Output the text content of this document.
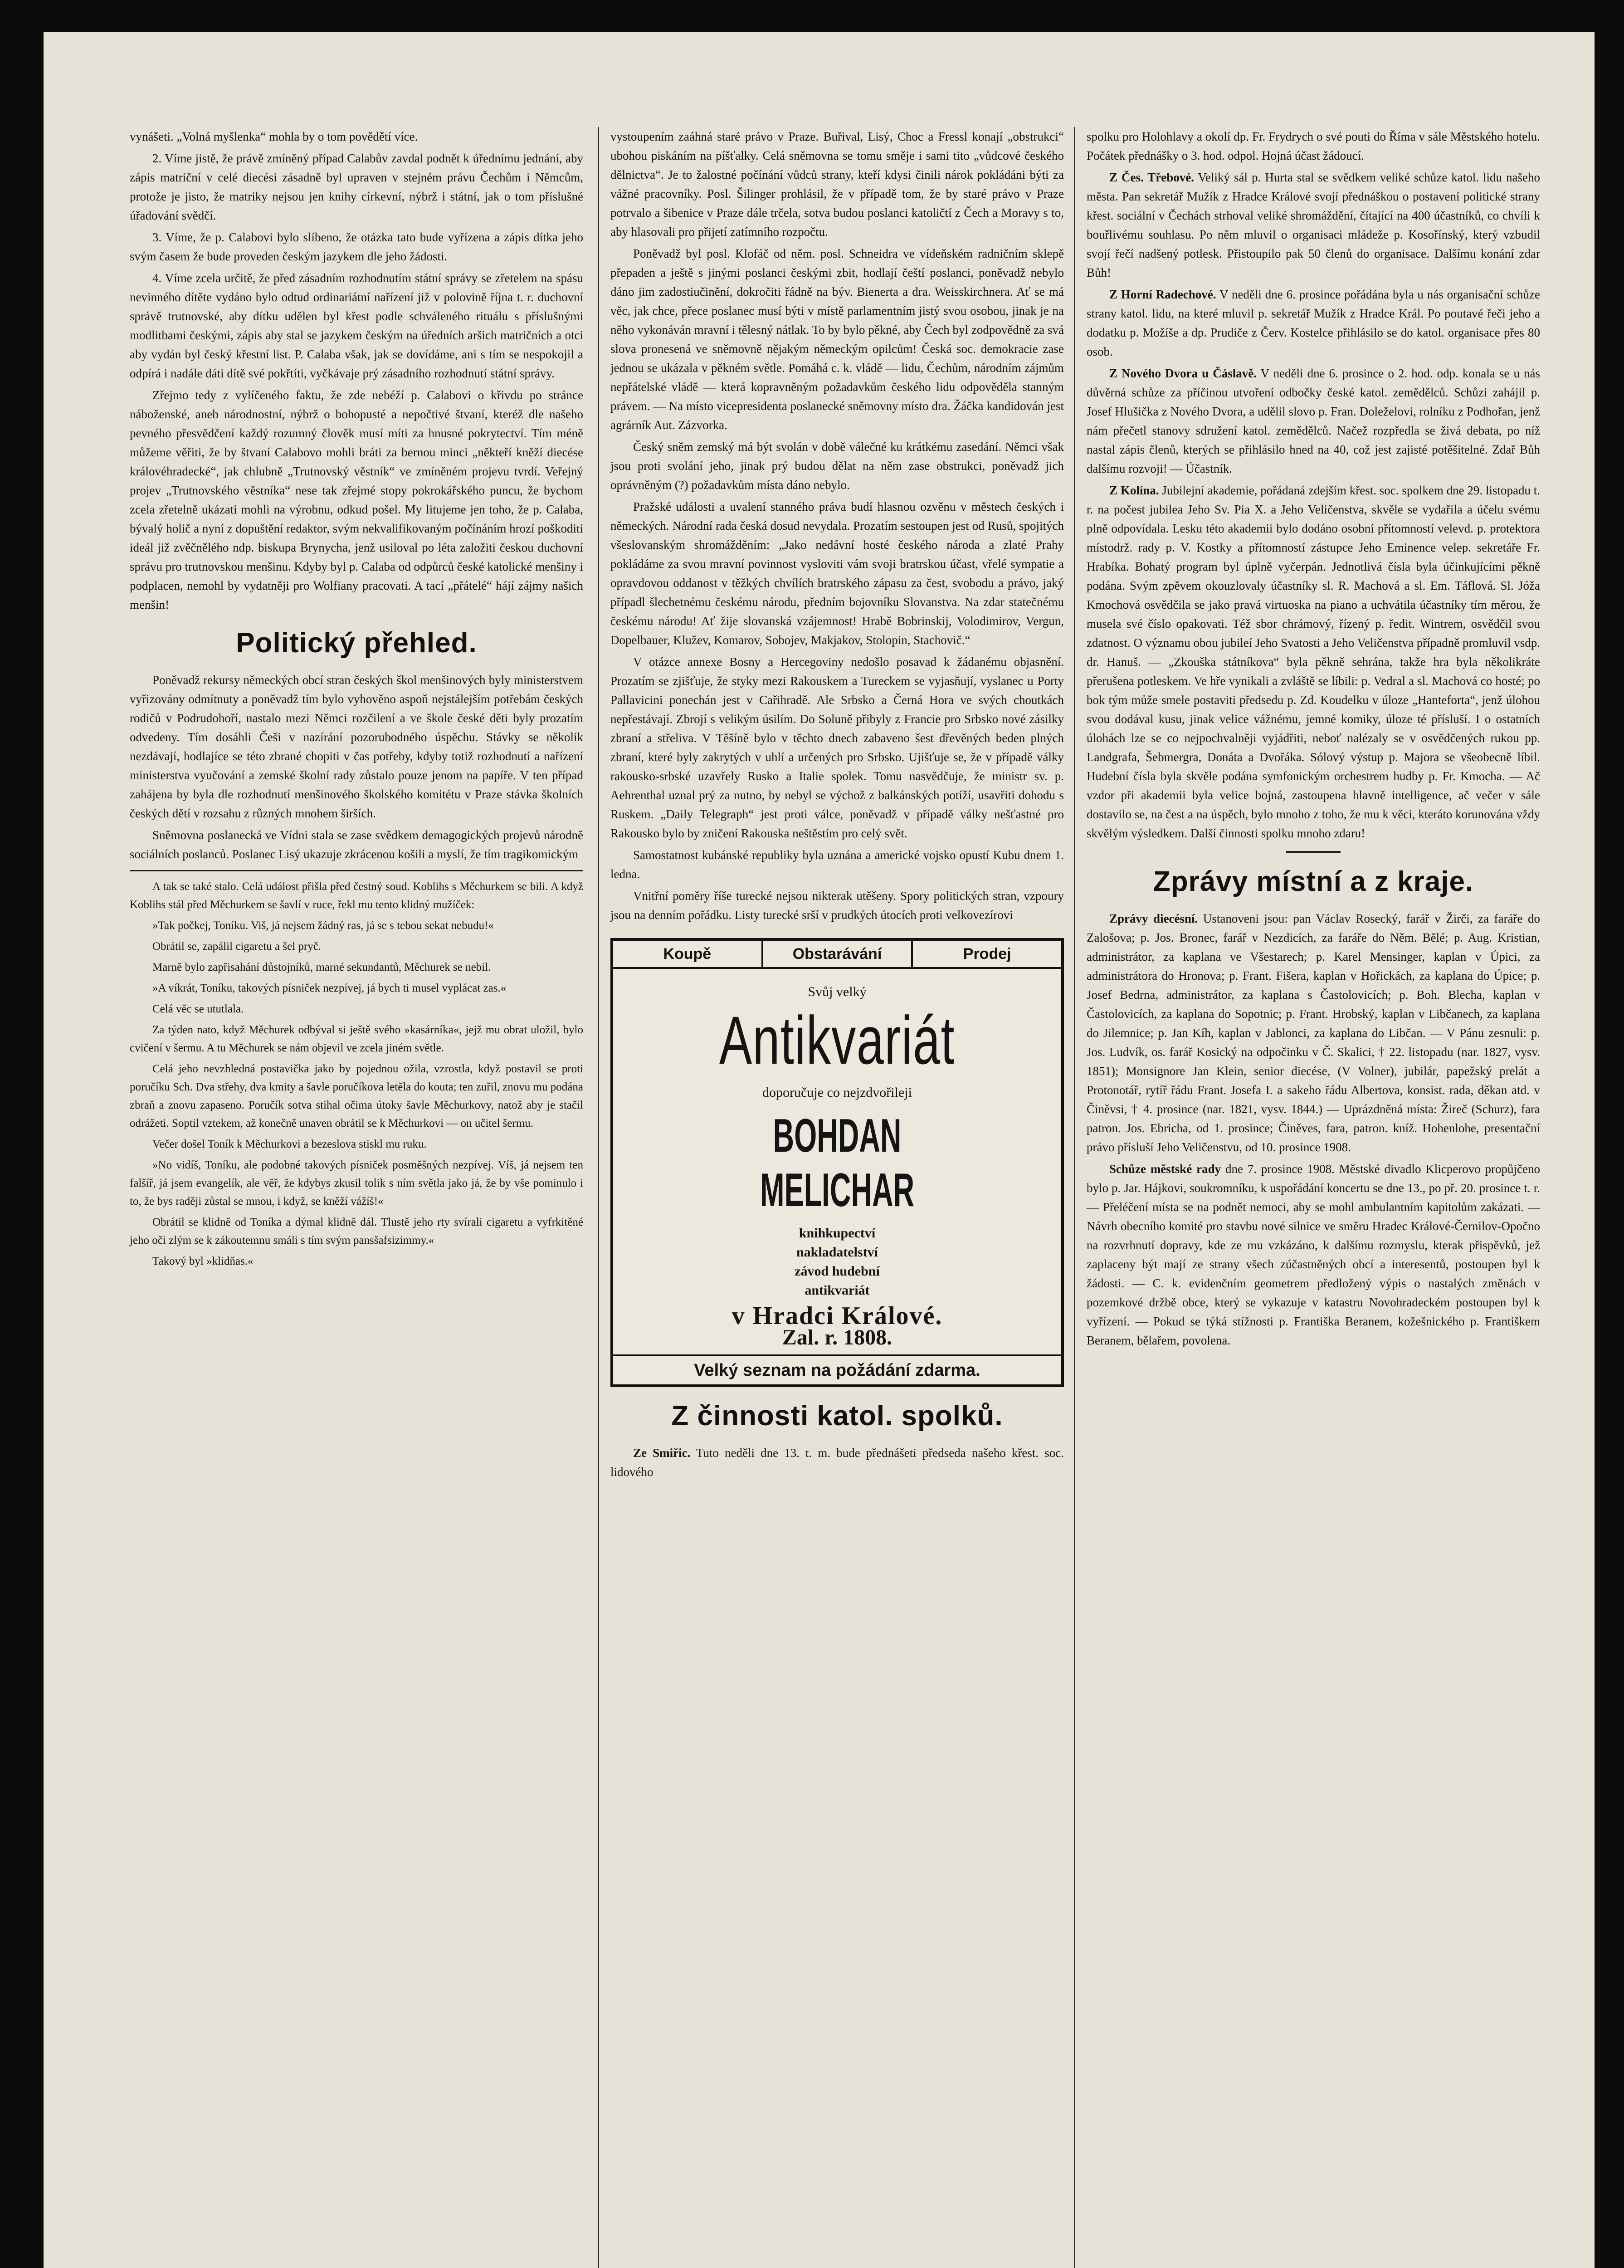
vynášeti. „Volná myšlenka“ mohla by o tom povědětí více.

2. Víme jistě, že právě zmíněný případ Calabův zavdal podnět k úřednímu jednání, aby zápis matriční v celé diecési zásadně byl upraven v stejném právu Čechům i Němcům, protože je jisto, že matriky nejsou jen knihy církevní, nýbrž i státní, jak o tom příslušné úřadování svědčí.

3. Víme, že p. Calabovi bylo slíbeno, že otázka tato bude vyřízena a zápis dítka jeho svým časem že bude proveden českým jazykem dle jeho žádosti.

4. Víme zcela určitě, že před zásadním rozhodnutím státní správy se zřetelem na spásu nevinného dítěte vydáno bylo odtud ordinariátní nařízení již v polovině října t. r. duchovní správě trutnovské, aby dítku udělen byl křest podle schváleného rituálu s příslušnými modlitbami českými, zápis aby stal se jazykem českým na úředních aršich matričních a otci aby vydán byl český křestní list. P. Calaba však, jak se dovídáme, ani s tím se nespokojil a odpírá i nadále dáti dítě své pokřtíti, vyčkávaje prý zásadního rozhodnutí státní správy.

Zřejmo tedy z vylíčeného faktu, že zde nebéží p. Calabovi o křivdu po stránce náboženské, aneb národnostní, nýbrž o bohopusté a nepočtivé štvaní, kteréž dle našeho pevného přesvědčení každý rozumný člověk musí míti za hnusné pokrytectví. Tím méně můžeme věřiti, že by štvaní Calabovo mohli bráti za bernou minci „někteří kněží diecése královéhradecké“, jak chlubně „Trutnovský věstník“ ve zmíněném projevu tvrdí. Veřejný projev „Trutnovského věstníka“ nese tak zřejmé stopy pokrokářského puncu, že bychom zcela zřetelně ukázati mohli na výrobnu, odkud pošel. My litujeme jen toho, že p. Calaba, bývalý holič a nyní z dopuštění redaktor, svým nekvalifikovaným počínáním hrozí poškoditi ideál již zvěčnělého ndp. biskupa Brynycha, jenž usiloval po léta založiti českou duchovní správu pro trutnovskou menšinu. Kdyby byl p. Calaba od odpůrců české katolické menšiny i podplacen, nemohl by vydatněji pro Wolfiany pracovati. A tací „přátelé“ hájí zájmy našich menšin!

Politický přehled.

Poněvadž rekursy německých obcí stran českých škol menšinových byly ministerstvem vyřizovány odmítnuty a poněvadž tím bylo vyhověno aspoň nejstálejším potřebám českých rodičů v Podrudohoří, nastalo mezi Němci rozčilení a ve škole české děti byly prozatím odvedeny. Tím dosáhli Češi v nazírání pozorubodného úspěchu. Stávky se několik nezdávají, hodlajíce se této zbrané chopiti v čas potřeby, kdyby totiž rozhodnutí a nařízení ministerstva vyučování a zemské školní rady zůstalo pouze jenom na papíře. V ten případ zahájena by byla dle rozhodnutí menšinového školského komitétu v Praze stávka školních českých dětí v rozsahu z různých mnohem širších.

Sněmovna poslanecká ve Vídni stala se zase svědkem demagogických projevů národně sociálních poslanců. Poslanec Lisý ukazuje zkrácenou košili a myslí, že tím tragikomickým

A tak se také stalo. Celá událost přišla před čestný soud. Koblihs s Měchurkem se bili. A když Koblihs stál před Měchurkem se šavlí v ruce, řekl mu tento klidný mužíček:

»Tak počkej, Toníku. Viš, já nejsem žádný ras, já se s tebou sekat nebudu!«

Obrátil se, zapálil cigaretu a šel pryč.

Marně bylo zapřisahání důstojníků, marné sekundantů, Měchurek se nebil.

»A víkrát, Toníku, takových písniček nezpívej, já bych ti musel vyplácat zas.«

Celá věc se ututlala.

Za týden nato, když Měchurek odbýval si ještě svého »kasárníka«, jejž mu obrat uložil, bylo cvičení v šermu. A tu Měchurek se nám objevil ve zcela jiném světle.

Celá jeho nevzhledná postavička jako by pojednou ožila, vzrostla, když postavil se proti poručíku Sch. Dva střehy, dva kmity a šavle poručíkova letěla do kouta; ten zuřil, znovu mu podána zbraň a znovu zapaseno. Poručík sotva stihal očima útoky šavle Měchurkovy, natož aby je stačil odrážeti. Soptil vztekem, až konečně unaven obrátil se k Měchurkovi — on učitel šermu.

Večer došel Toník k Měchurkovi a bezeslova stiskl mu ruku.

»No vidíš, Toníku, ale podobné takových písniček posměšných nezpívej. Víš, já nejsem ten falšíř, já jsem evangelík, ale věř, že kdybys zkusil tolik s ním světla jako já, že by vše pominulo i to, že bys raději zůstal se mnou, i když, se kněží vážíš!«

Obrátil se klidně od Toníka a dýmal klidně dál. Tlustě jeho rty svírali cigaretu a vyfrkitěné jeho oči zlým se k zákoutemnu smáli s tím svým pansšafsizimmy.«

Takový byl »klidňas.«

vystoupením zaáhná staré právo v Praze. Buřival, Lisý, Choc a Fressl konají „obstrukci“ ubohou piskáním na píšťalky. Celá sněmovna se tomu směje i sami tito „vůdcové českého dělnictva“. Je to žalostné počínání vůdců strany, kteří kdysi činili nárok pokládáni býti za vážné pracovníky. Posl. Šilinger prohlásil, že v případě tom, že by staré právo v Praze potrvalo a šibenice v Praze dále trčela, sotva budou poslanci katoličtí z Čech a Moravy s to, aby hlasovali pro přijetí zatímního rozpočtu.

Poněvadž byl posl. Klofáč od něm. posl. Schneidra ve vídeňském radničním sklepě přepaden a ještě s jinými poslanci českými zbit, hodlají čeští poslanci, poněvadž nebylo dáno jim zadostiučinění, dokročiti řádně na býv. Bienerta a dra. Weisskirchnera. Ať se má věc, jak chce, přece poslanec musí býti v místě parlamentním jistý svou osobou, jinak je na něho vykonáván mravní i tělesný nátlak. To by bylo pěkné, aby Čech byl zodpovědně za svá slova pronesená ve sněmovně nějakým německým opilcům! Česká soc. demokracie zase jednou se ukázala v pěkném světle. Pomáhá c. k. vládě — lidu, Čechům, národním zájmům nepřátelské vládě — která kopravněným požadavkům českého lidu odpověděla stanným právem. — Na místo vicepresidenta poslanecké sněmovny místo dra. Žáčka kandidován jest agrárník Aut. Zázvorka.

Český sněm zemský má být svolán v době válečné ku krátkému zasedání. Němci však jsou proti svolání jeho, jinak prý budou dělat na něm zase obstrukci, poněvadž jich oprávněným (?) požadavkům místa dáno nebylo.

Pražské události a uvalení stanného práva budí hlasnou ozvěnu v městech českých i německých. Národní rada česká dosud nevydala. Prozatím sestoupen jest od Rusů, spojitých všeslovanským shromážděním: „Jako nedávní hosté českého národa a zlaté Prahy pokládáme za svou mravní povinnost vysloviti vám svoji bratrskou účast, vřelé sympatie a opravdovou oddanost v těžkých chvílích bratrského zápasu za čest, svobodu a právo, jaký případl šlechetnému českému národu, předním bojovníku Slovanstva. Na zdar statečnému českému národu! Ať žije slovanská vzájemnost! Hrabě Bobrinskij, Volodimirov, Vergun, Dopelbauer, Klužev, Komarov, Sobojev, Makjakov, Stolopin, Stachovič.“

V otázce annexe Bosny a Hercegoviny nedošlo posavad k žádanému objasnění. Prozatím se zjišťuje, že styky mezi Rakouskem a Tureckem se vyjasňují, vyslanec u Porty Pallavicini ponechán jest v Cařihradě. Ale Srbsko a Černá Hora ve svých choutkách nepřestávají. Zbrojí s velikým úsilím. Do Soluně přibyly z Francie pro Srbsko nové zásilky zbraní a střeliva. V Těšíně bylo v těchto dnech zabaveno šest dřevěných beden plných zbraní, které byly zakrytých v uhlí a určených pro Srbsko. Ujišťuje se, že v případě války rakousko-srbské uzavřely Rusko a Italie spolek. Tomu nasvědčuje, že ministr sv. p. Aehrenthal uznal prý za nutno, by nebyl se výchož z balkánských potíží, usavřiti dohodu s Ruskem. „Daily Telegraph“ jest proti válce, poněvadž v případě války nešťastné pro Rakousko bylo by zničení Rakouska neštěstím pro celý svět.

Samostatnost kubánské republiky byla uznána a americké vojsko opustí Kubu dnem 1. ledna.

Vnitřní poměry říše turecké nejsou nikterak utěšeny. Spory politických stran, vzpoury jsou na denním pořádku. Listy turecké srší v prudkých útocích proti velkovezírovi

Koupě	Obstarávání	Prodej
Svůj velký
Antikvariát
doporučuje co nejzdvořileji
BOHDAN MELICHAR
knihkupectví
nakladatelství
závod hudební
antikvariát
v Hradci Králové.
Zal. r. 1808.
Velký seznam na požádání zdarma.
Z činnosti katol. spolků.

Ze Smiřic. Tuto neděli dne 13. t. m. bude přednášeti předseda našeho křest. soc. lidového

spolku pro Holohlavy a okolí dp. Fr. Frydrych o své pouti do Říma v sále Městského hotelu. Počátek přednášky o 3. hod. odpol. Hojná účast žádoucí.

Z Čes. Třebové. Veliký sál p. Hurta stal se svědkem veliké schůze katol. lidu našeho města. Pan sekretář Mužík z Hradce Králové svojí přednáškou o postavení politické strany křest. sociální v Čechách strhoval veliké shromáždění, čítající na 400 účastníků, co chvíli k bouřlivému souhlasu. Po něm mluvil o organisaci mládeže p. Kosořínský, který vzbudil svojí řečí nadšený potlesk. Přistoupilo pak 50 členů do organisace. Dalšímu konání zdar Bůh!

Z Horní Radechové. V neděli dne 6. prosince pořádána byla u nás organisační schůze strany katol. lidu, na které mluvil p. sekretář Mužík z Hradce Král. Po poutavé řeči jeho a dodatku p. Možíše a dp. Prudiče z Červ. Kostelce přihlásilo se do katol. organisace přes 80 osob.

Z Nového Dvora u Čáslavě. V neděli dne 6. prosince o 2. hod. odp. konala se u nás důvěrná schůze za příčinou utvoření odbočky české katol. zemědělců. Schůzi zahájil p. Josef Hlušička z Nového Dvora, a udělil slovo p. Fran. Doleželovi, rolníku z Podhořan, jenž nám přečetl stanovy sdružení katol. zemědělců. Načež rozpředla se živá debata, po níž nastal zápis členů, kterých se přihlásilo hned na 40, což jest zajisté potěšitelné. Zdař Bůh dalšímu rozvoji! — Účastník.

Z Kolína. Jubilejní akademie, pořádaná zdejším křest. soc. spolkem dne 29. listopadu t. r. na počest jubilea Jeho Sv. Pia X. a Jeho Veličenstva, skvěle se vydařila a účelu svému plně odpovídala. Lesku této akademii bylo dodáno osobní přítomností velevd. p. protektora místodrž. rady p. V. Kostky a přítomností zástupce Jeho Eminence velep. sekretáře Fr. Hrabíka. Bohatý program byl úplně vyčerpán. Jednotlivá čísla byla účinkujícími pěkně podána. Svým zpěvem okouzlovaly účastníky sl. R. Machová a sl. Em. Táflová. Sl. Jóža Kmochová osvědčila se jako pravá virtuoska na piano a uchvátila účastníky tím měrou, že musela své číslo opakovati. Též sbor chrámový, řízený p. ředit. Wintrem, osvědčil svou zdatnost. O významu obou jubileí Jeho Svatosti a Jeho Veličenstva případně promluvil vsdp. dr. Hanuš. — „Zkouška státníkova“ byla pěkně sehrána, takže hra byla několikráte přerušena potleskem. Ve hře vynikali a zvláště se líbili: p. Vedral a sl. Machová co hosté; po bok tým může smele postaviti předsedu p. Zd. Koudelku v úloze „Hanteforta“, jenž úlohou svou dodával kusu, jinak velice vážnému, jemné komiky, úloze té přísluší. I o ostatních úlohách lze se co nejpochvalněji vyjádřiti, neboť nalézaly se v osvědčených rukou pp. Landgrafa, Šebmergra, Donáta a Dvořáka. Sólový výstup p. Majora se všeobecně líbil. Hudební čísla byla skvěle podána symfonickým orchestrem hudby p. Fr. Kmocha. — Ač vzdor při akademii byla velice bojná, zastoupena hlavně intelligence, ač večer v sále dostavilo se, na čest a na úspěch, bylo mnoho z toho, že mu k věci, kteráto korunována vždy skvělým výsledkem. Další činnosti spolku mnoho zdaru!

Zprávy místní a z kraje.

Zprávy diecésní. Ustanoveni jsou: pan Václav Rosecký, farář v Žirči, za faráře do Zalošova; p. Jos. Bronec, farář v Nezdicích, za faráře do Něm. Bělé; p. Aug. Kristian, administrátor, za kaplana ve Všestarech; p. Karel Mensinger, kaplan v Úpici, za administrátora do Hronova; p. Frant. Fišera, kaplan v Hořickách, za kaplana do Úpice; p. Josef Bedrna, administrátor, za kaplana s Častolovicích; p. Boh. Blecha, kaplan v Častolovicích, za kaplana do Sopotnic; p. Frant. Hrobský, kaplan v Libčanech, za kaplana do Jilemnice; p. Jan Kíh, kaplan v Jablonci, za kaplana do Libčan. — V Pánu zesnuli: p. Jos. Ludvík, os. farář Kosický na odpočinku v Č. Skalici, † 22. listopadu (nar. 1827, vysv. 1851); Monsignore Jan Klein, senior diecése, (V Volner), jubilár, papežský prelát a Protonotář, rytíř řádu Frant. Josefa I. a sakeho řádu Albertova, konsist. rada, děkan atd. v Činěvsi, † 4. prosince (nar. 1821, vysv. 1844.) — Uprázdněná místa: Žireč (Schurz), fara patron. Jos. Ebricha, od 1. prosince; Činěves, fara, patron. kníž. Hohenlohe, presentační právo přísluší Jeho Veličenstvu, od 10. prosince 1908.

Schůze městské rady dne 7. prosince 1908. Městské divadlo Klicperovo propůjčeno bylo p. Jar. Hájkovi, soukromníku, k uspořádání koncertu se dne 13., po př. 20. prosince t. r. — Přeléčení místa se na podnět nemoci, aby se mohl ambulantním kapitolům zakázati. — Návrh obecního komité pro stavbu nové silnice ve směru Hradec Králové-Černilov-Opočno na rozvrhnutí dopravy, kde ze mu vzkázáno, k dalšímu rozmyslu, kterak přispěvků, jež zaplaceny být mají ze strany všech zúčastněných obcí a interesentů, postoupen byl k žádosti. — C. k. evidenčním geometrem předložený výpis o nastalých změnách v pozemkové držbě obce, který se vykazuje v katastru Novohradeckém postoupen byl k vyřízení. — Pokud se týká stížnosti p. Františka Beranem, kožešnického p. Františkem Beranem, bělařem, povolena.
